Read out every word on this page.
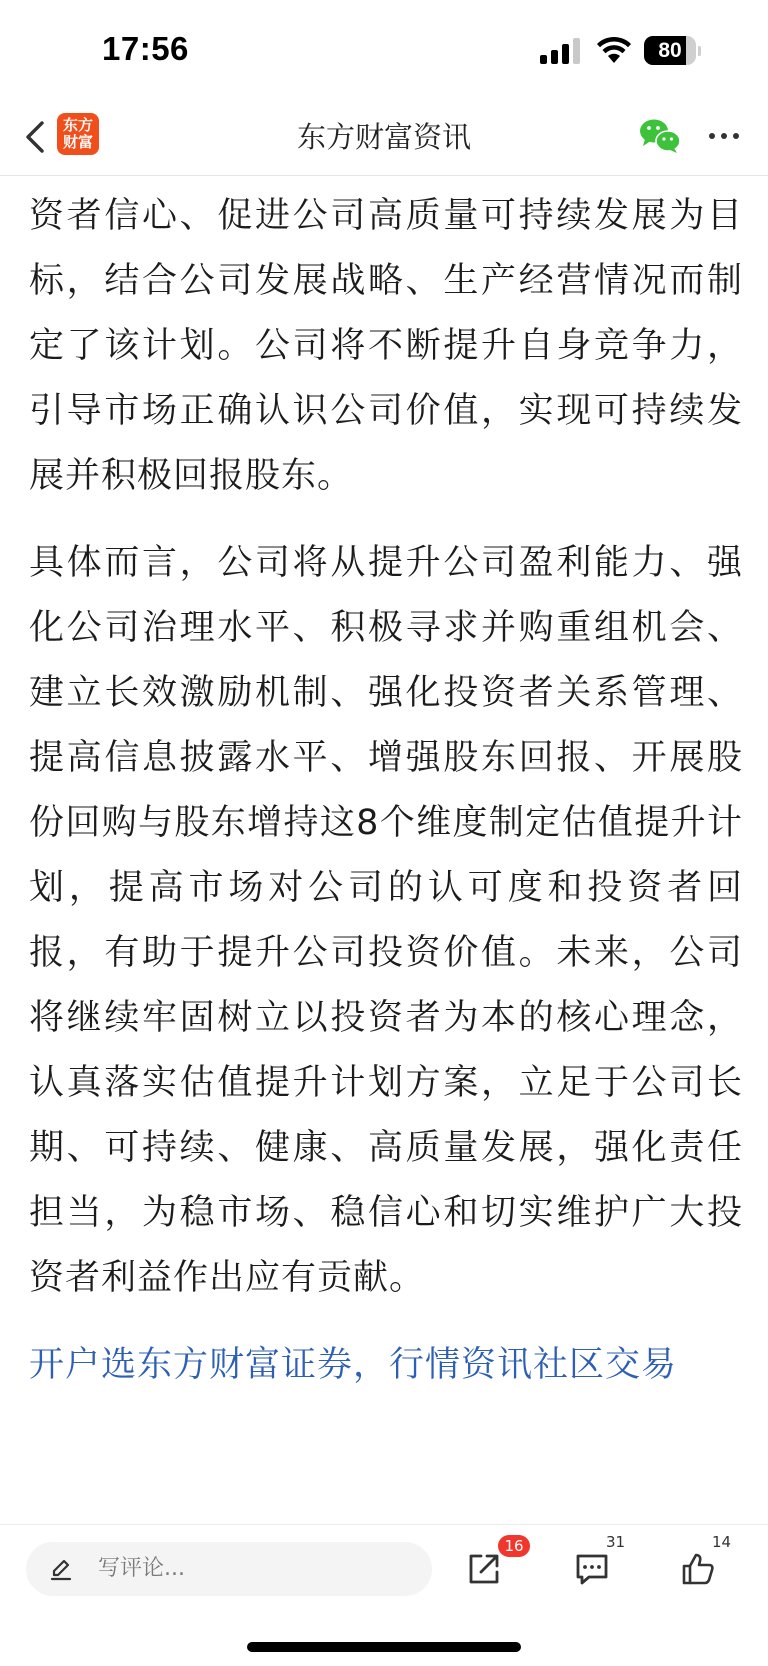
17:56	80
东方
财富	东方财富资讯

资者信心、促进公司高质量可持续发展为目标，结合公司发展战略、生产经营情况而制定了该计划。公司将不断提升自身竞争力，引导市场正确认识公司价值，实现可持续发展并积极回报股东。

具体而言，公司将从提升公司盈利能力、强化公司治理水平、积极寻求并购重组机会、建立长效激励机制、强化投资者关系管理、提高信息披露水平、增强股东回报、开展股份回购与股东增持这8个维度制定估值提升计划，提高市场对公司的认可度和投资者回报，有助于提升公司投资价值。未来，公司将继续牢固树立以投资者为本的核心理念，认真落实估值提升计划方案，立足于公司长期、可持续、健康、高质量发展，强化责任担当，为稳市场、稳信心和切实维护广大投资者利益作出应有贡献。

开户选东方财富证券，行情资讯社区交易

写评论...
16	31	14
